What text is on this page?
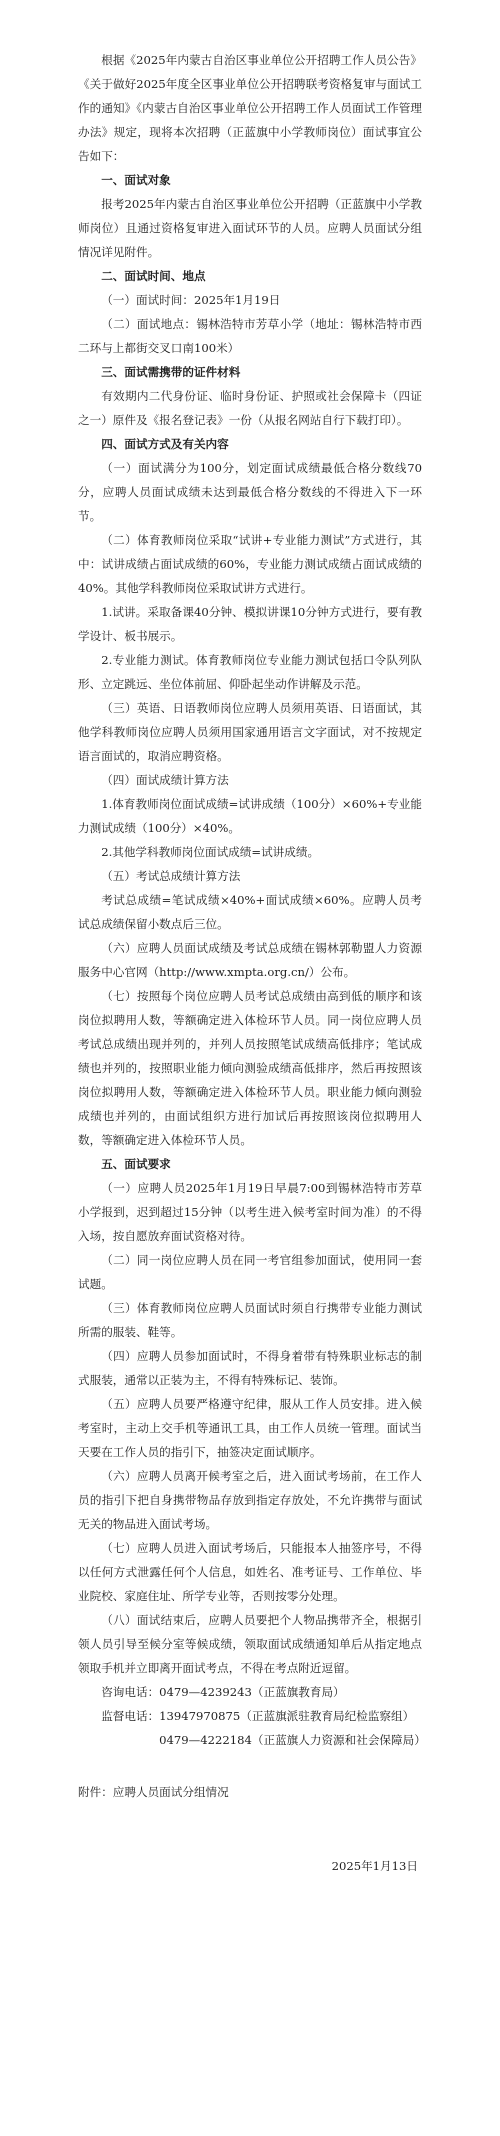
根据《2025年内蒙古自治区事业单位公开招聘工作人员公告》《关于做好2025年度全区事业单位公开招聘联考资格复审与面试工作的通知》《内蒙古自治区事业单位公开招聘工作人员面试工作管理办法》规定，现将本次招聘（正蓝旗中小学教师岗位）面试事宜公告如下：

一、面试对象

报考2025年内蒙古自治区事业单位公开招聘（正蓝旗中小学教师岗位）且通过资格复审进入面试环节的人员。应聘人员面试分组情况详见附件。

二、面试时间、地点

（一）面试时间：2025年1月19日

（二）面试地点：锡林浩特市芳草小学（地址：锡林浩特市西二环与上都街交叉口南100米）

三、面试需携带的证件材料

有效期内二代身份证、临时身份证、护照或社会保障卡（四证之一）原件及《报名登记表》一份（从报名网站自行下载打印）。

四、面试方式及有关内容

（一）面试满分为100分，划定面试成绩最低合格分数线70分，应聘人员面试成绩未达到最低合格分数线的不得进入下一环节。

（二）体育教师岗位采取“试讲+专业能力测试”方式进行，其中：试讲成绩占面试成绩的60%，专业能力测试成绩占面试成绩的40%。其他学科教师岗位采取试讲方式进行。

1.试讲。采取备课40分钟、模拟讲课10分钟方式进行，要有教学设计、板书展示。

2.专业能力测试。体育教师岗位专业能力测试包括口令队列队形、立定跳远、坐位体前屈、仰卧起坐动作讲解及示范。

（三）英语、日语教师岗位应聘人员须用英语、日语面试，其他学科教师岗位应聘人员须用国家通用语言文字面试，对不按规定语言面试的，取消应聘资格。

（四）面试成绩计算方法

1.体育教师岗位面试成绩=试讲成绩（100分）×60%+专业能力测试成绩（100分）×40%。

2.其他学科教师岗位面试成绩=试讲成绩。

（五）考试总成绩计算方法

考试总成绩=笔试成绩×40%+面试成绩×60%。应聘人员考试总成绩保留小数点后三位。

（六）应聘人员面试成绩及考试总成绩在锡林郭勒盟人力资源服务中心官网（http://www.xmpta.org.cn/）公布。

（七）按照每个岗位应聘人员考试总成绩由高到低的顺序和该岗位拟聘用人数，等额确定进入体检环节人员。同一岗位应聘人员考试总成绩出现并列的，并列人员按照笔试成绩高低排序；笔试成绩也并列的，按照职业能力倾向测验成绩高低排序，然后再按照该岗位拟聘用人数，等额确定进入体检环节人员。职业能力倾向测验成绩也并列的，由面试组织方进行加试后再按照该岗位拟聘用人数，等额确定进入体检环节人员。

五、面试要求

（一）应聘人员2025年1月19日早晨7:00到锡林浩特市芳草小学报到，迟到超过15分钟（以考生进入候考室时间为准）的不得入场，按自愿放弃面试资格对待。

（二）同一岗位应聘人员在同一考官组参加面试，使用同一套试题。

（三）体育教师岗位应聘人员面试时须自行携带专业能力测试所需的服装、鞋等。

（四）应聘人员参加面试时，不得身着带有特殊职业标志的制式服装，通常以正装为主，不得有特殊标记、装饰。

（五）应聘人员要严格遵守纪律，服从工作人员安排。进入候考室时，主动上交手机等通讯工具，由工作人员统一管理。面试当天要在工作人员的指引下，抽签决定面试顺序。

（六）应聘人员离开候考室之后，进入面试考场前，在工作人员的指引下把自身携带物品存放到指定存放处，不允许携带与面试无关的物品进入面试考场。

（七）应聘人员进入面试考场后，只能报本人抽签序号，不得以任何方式泄露任何个人信息，如姓名、准考证号、工作单位、毕业院校、家庭住址、所学专业等，否则按零分处理。

（八）面试结束后，应聘人员要把个人物品携带齐全，根据引领人员引导至候分室等候成绩，领取面试成绩通知单后从指定地点领取手机并立即离开面试考点，不得在考点附近逗留。

咨询电话： 0479—4239243（正蓝旗教育局）
监督电话： 13947970875（正蓝旗派驻教育局纪检监察组）
0479—4222184（正蓝旗人力资源和社会保障局）

附件：应聘人员面试分组情况

2025年1月13日
